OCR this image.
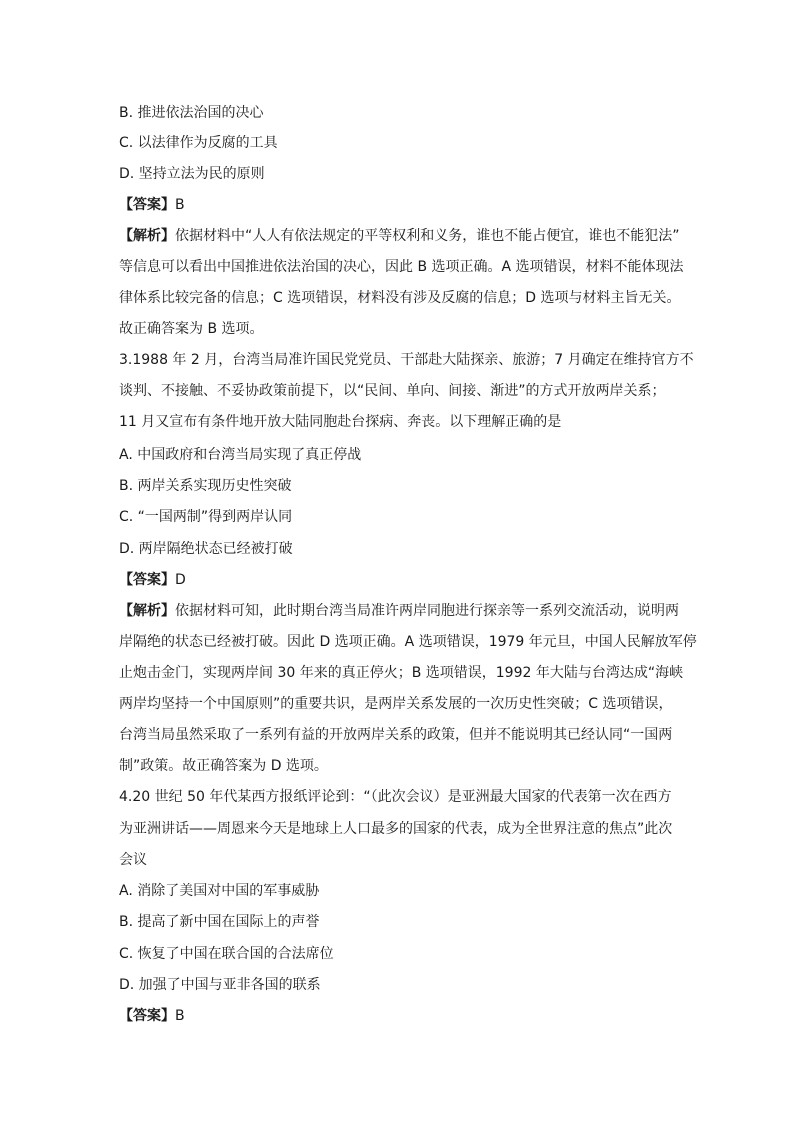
B. 推进依法治国的决心
C. 以法律作为反腐的工具
D. 坚持立法为民的原则
【答案】B
【解析】依据材料中“人人有依法规定的平等权利和义务，谁也不能占便宜，谁也不能犯法”
等信息可以看出中国推进依法治国的决心，因此 B 选项正确。A 选项错误，材料不能体现法
律体系比较完备的信息；C 选项错误，材料没有涉及反腐的信息；D 选项与材料主旨无关。
故正确答案为 B 选项。
3.1988 年 2 月，台湾当局准许国民党党员、干部赴大陆探亲、旅游；7 月确定在维持官方不
谈判、不接触、不妥协政策前提下，以“民间、单向、间接、渐进”的方式开放两岸关系；
11 月又宣布有条件地开放大陆同胞赴台探病、奔丧。以下理解正确的是
A. 中国政府和台湾当局实现了真正停战
B. 两岸关系实现历史性突破
C. “一国两制”得到两岸认同
D. 两岸隔绝状态已经被打破
【答案】D
【解析】依据材料可知，此时期台湾当局准许两岸同胞进行探亲等一系列交流活动，说明两
岸隔绝的状态已经被打破。因此 D 选项正确。A 选项错误，1979 年元旦，中国人民解放军停
止炮击金门，实现两岸间 30 年来的真正停火；B 选项错误，1992 年大陆与台湾达成“海峡
两岸均坚持一个中国原则”的重要共识，是两岸关系发展的一次历史性突破；C 选项错误，
台湾当局虽然采取了一系列有益的开放两岸关系的政策，但并不能说明其已经认同“一国两
制”政策。故正确答案为 D 选项。
4.20 世纪 50 年代某西方报纸评论到：“（此次会议）是亚洲最大国家的代表第一次在西方
为亚洲讲话——周恩来今天是地球上人口最多的国家的代表，成为全世界注意的焦点”此次
会议
A. 消除了美国对中国的军事威胁
B. 提高了新中国在国际上的声誉
C. 恢复了中国在联合国的合法席位
D. 加强了中国与亚非各国的联系
【答案】B
